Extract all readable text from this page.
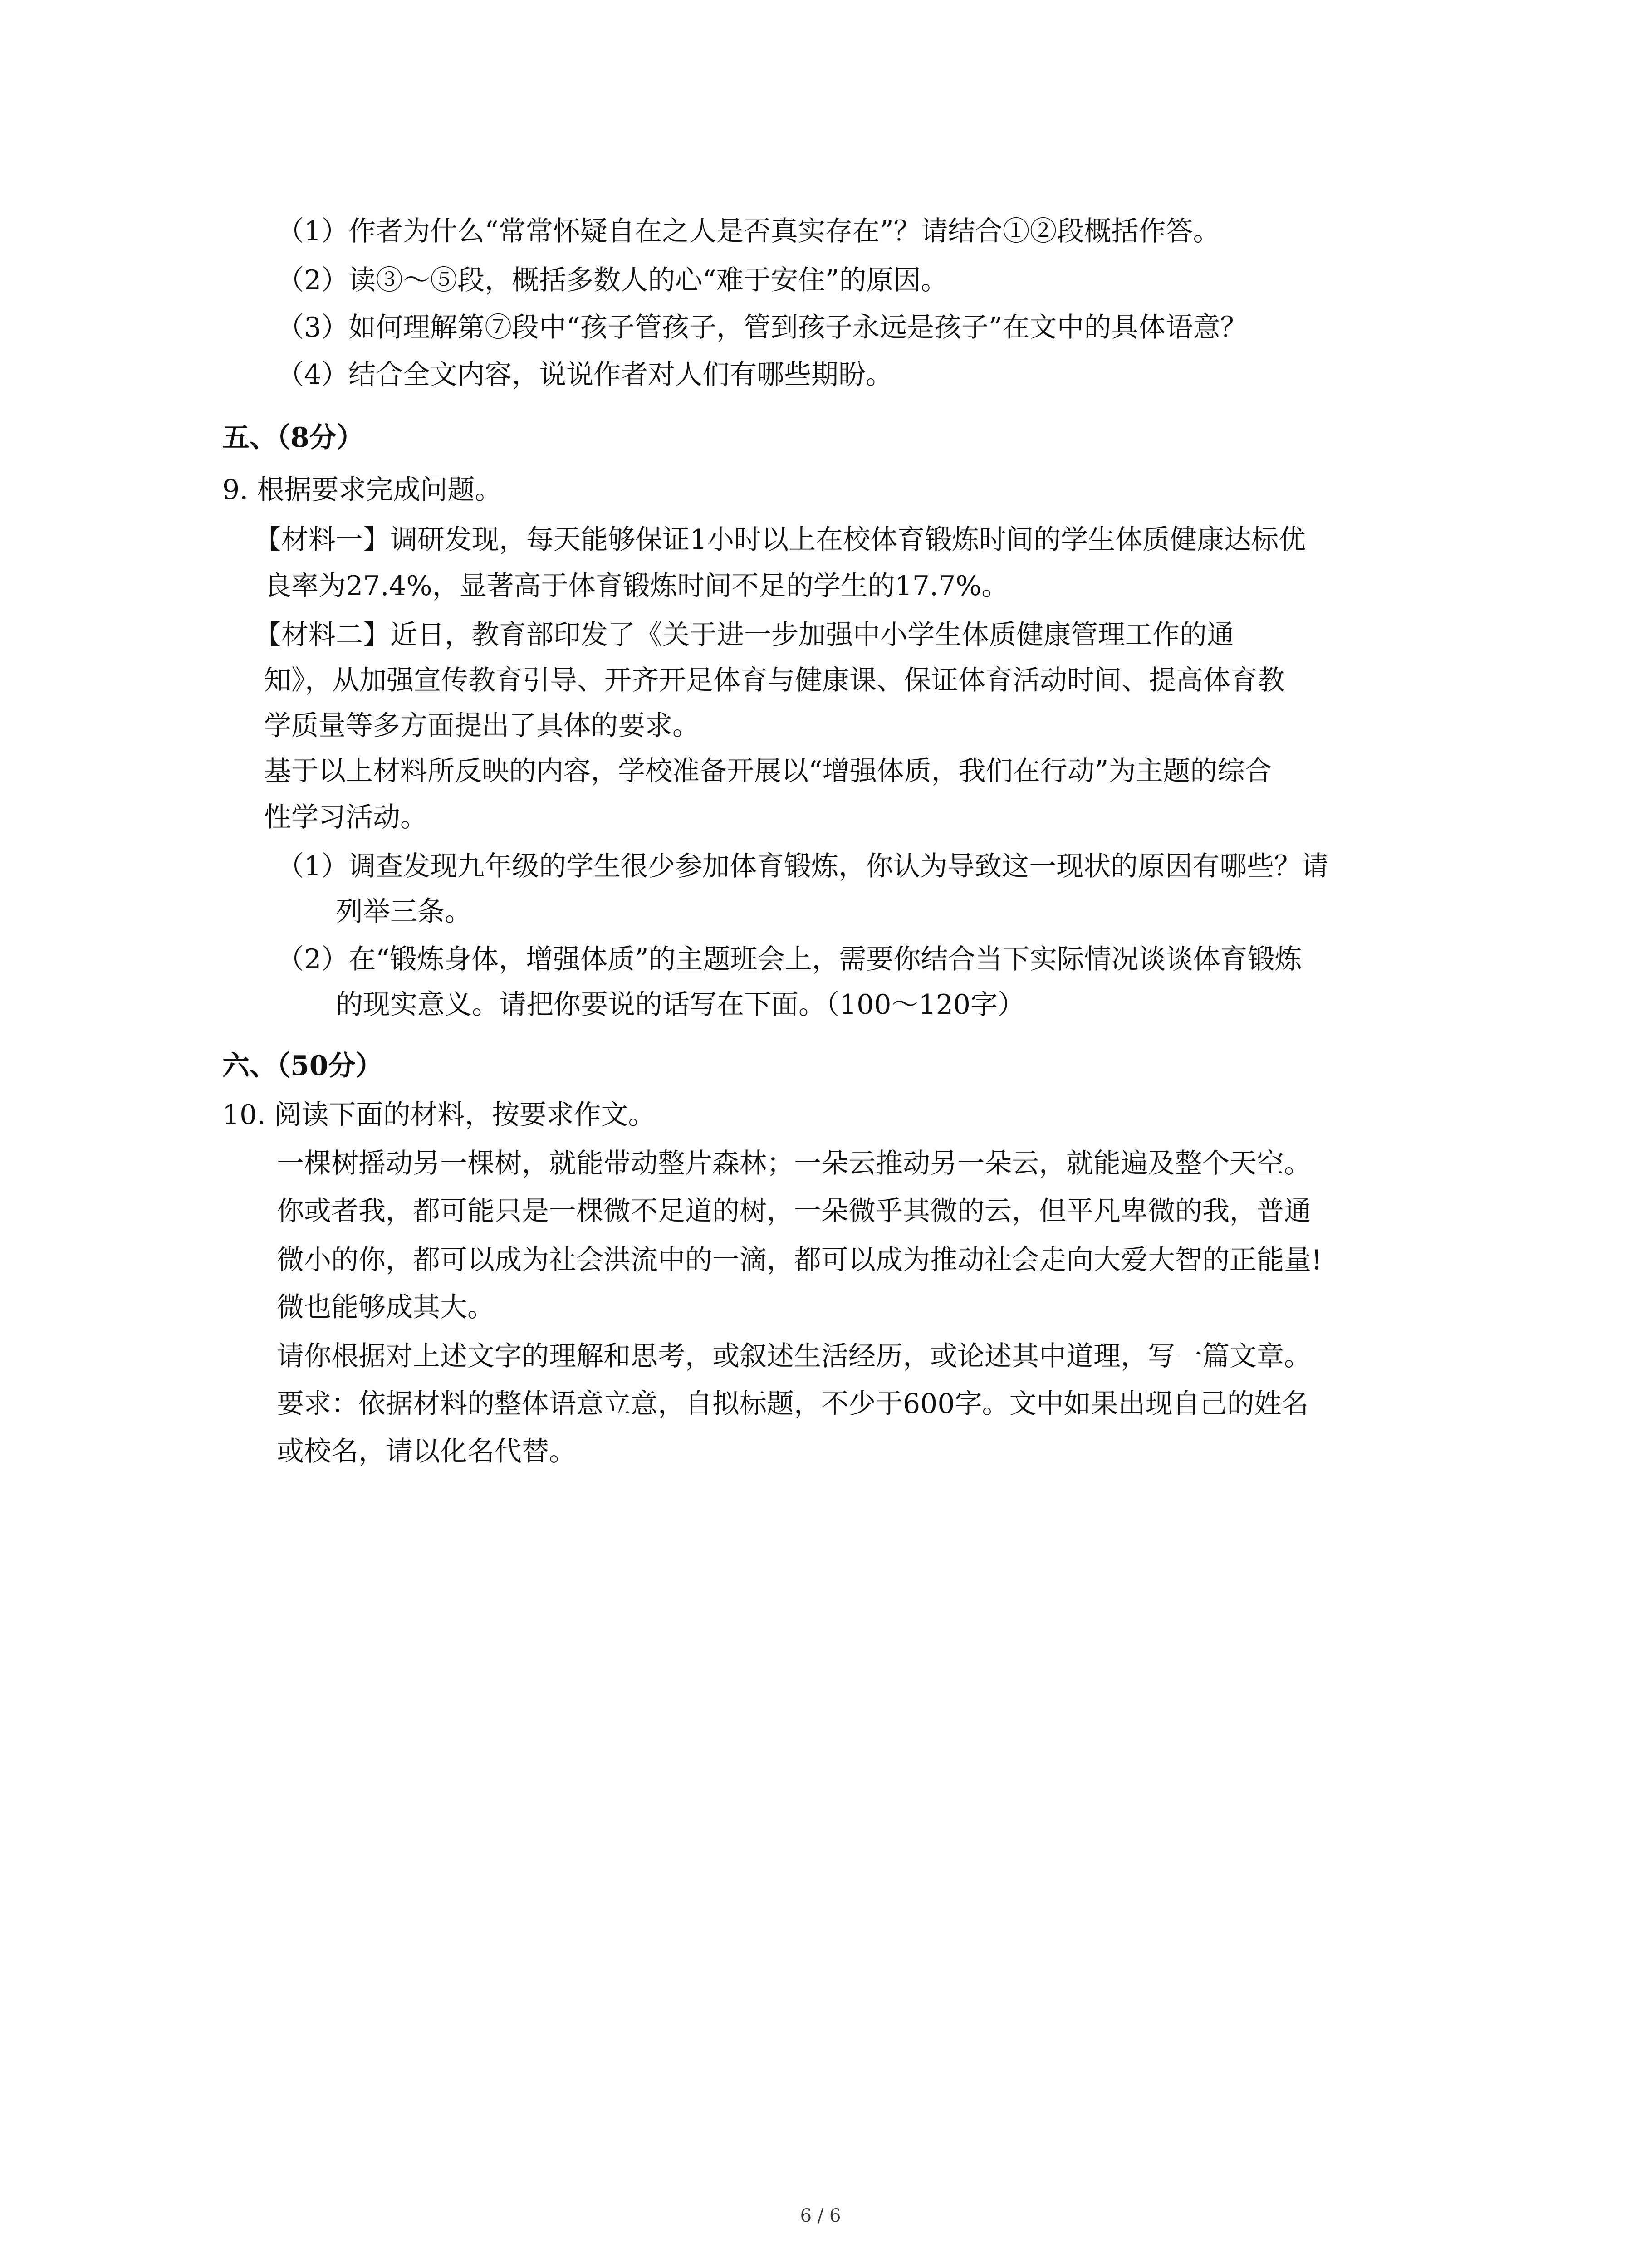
（1）作者为什么“常常怀疑自在之人是否真实存在”？请结合①②段概括作答。
（2）读③～⑤段，概括多数人的心“难于安住”的原因。
（3）如何理解第⑦段中“孩子管孩子，管到孩子永远是孩子”在文中的具体语意？
（4）结合全文内容，说说作者对人们有哪些期盼。
五、（8分）
9. 根据要求完成问题。
【材料一】调研发现，每天能够保证1小时以上在校体育锻炼时间的学生体质健康达标优
良率为27.4%，显著高于体育锻炼时间不足的学生的17.7%。
【材料二】近日，教育部印发了《关于进一步加强中小学生体质健康管理工作的通
知》，从加强宣传教育引导、开齐开足体育与健康课、保证体育活动时间、提高体育教
学质量等多方面提出了具体的要求。
基于以上材料所反映的内容，学校准备开展以“增强体质，我们在行动”为主题的综合
性学习活动。
（1）调查发现九年级的学生很少参加体育锻炼，你认为导致这一现状的原因有哪些？请
列举三条。
（2）在“锻炼身体，增强体质”的主题班会上，需要你结合当下实际情况谈谈体育锻炼
的现实意义。请把你要说的话写在下面。（100～120字）
六、（50分）
10. 阅读下面的材料，按要求作文。
一棵树摇动另一棵树，就能带动整片森林；一朵云推动另一朵云，就能遍及整个天空。
你或者我，都可能只是一棵微不足道的树，一朵微乎其微的云，但平凡卑微的我，普通
微小的你，都可以成为社会洪流中的一滴，都可以成为推动社会走向大爱大智的正能量!
微也能够成其大。
请你根据对上述文字的理解和思考，或叙述生活经历，或论述其中道理，写一篇文章。
要求：依据材料的整体语意立意，自拟标题，不少于600字。文中如果出现自己的姓名
或校名，请以化名代替。
6 / 6
